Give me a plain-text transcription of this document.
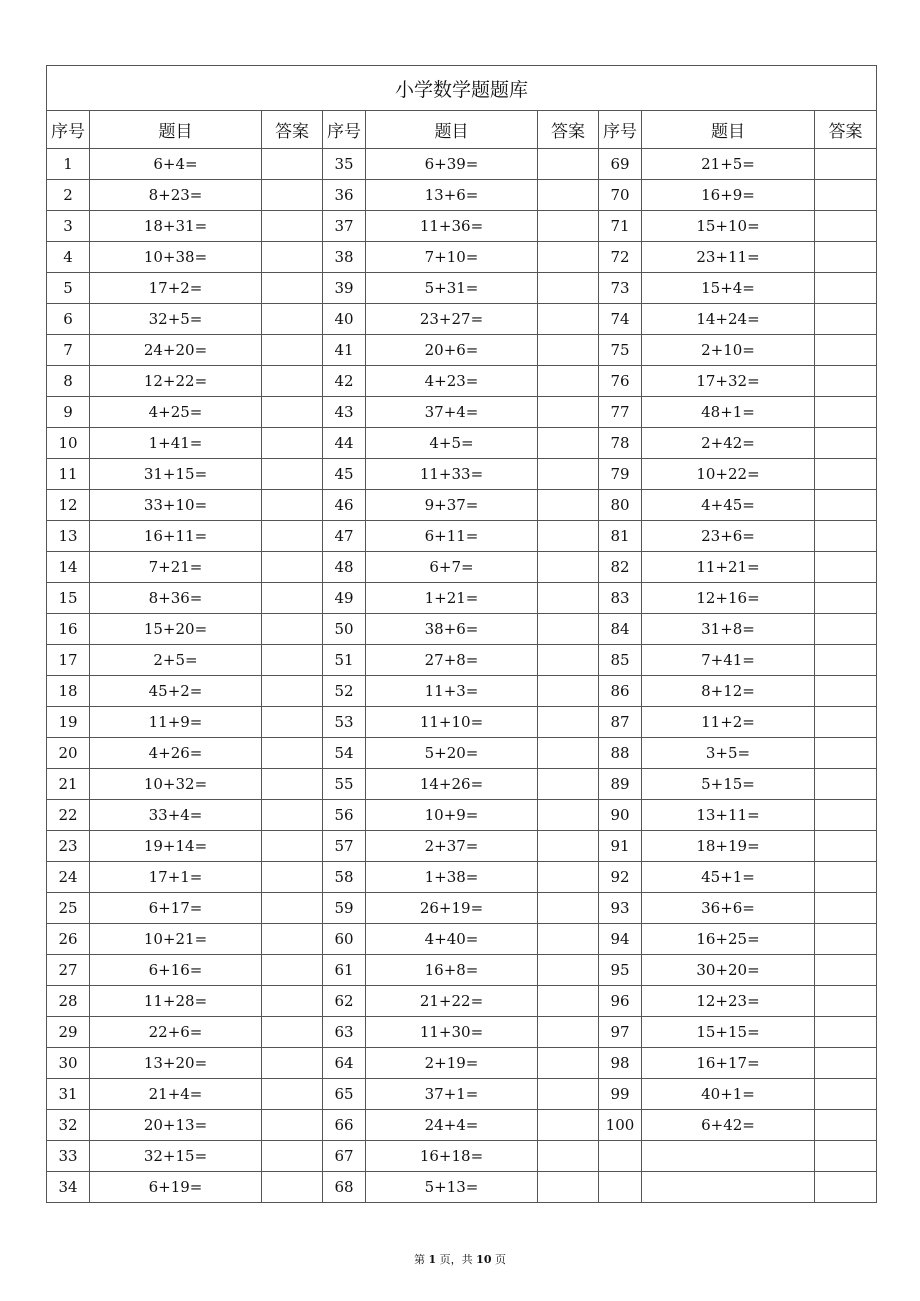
小学数学题题库								
序号	题目	答案	序号	题目	答案	序号	题目	答案
1	6+4=		35	6+39=		69	21+5=	
2	8+23=		36	13+6=		70	16+9=	
3	18+31=		37	11+36=		71	15+10=	
4	10+38=		38	7+10=		72	23+11=	
5	17+2=		39	5+31=		73	15+4=	
6	32+5=		40	23+27=		74	14+24=	
7	24+20=		41	20+6=		75	2+10=	
8	12+22=		42	4+23=		76	17+32=	
9	4+25=		43	37+4=		77	48+1=	
10	1+41=		44	4+5=		78	2+42=	
11	31+15=		45	11+33=		79	10+22=	
12	33+10=		46	9+37=		80	4+45=	
13	16+11=		47	6+11=		81	23+6=	
14	7+21=		48	6+7=		82	11+21=	
15	8+36=		49	1+21=		83	12+16=	
16	15+20=		50	38+6=		84	31+8=	
17	2+5=		51	27+8=		85	7+41=	
18	45+2=		52	11+3=		86	8+12=	
19	11+9=		53	11+10=		87	11+2=	
20	4+26=		54	5+20=		88	3+5=	
21	10+32=		55	14+26=		89	5+15=	
22	33+4=		56	10+9=		90	13+11=	
23	19+14=		57	2+37=		91	18+19=	
24	17+1=		58	1+38=		92	45+1=	
25	6+17=		59	26+19=		93	36+6=	
26	10+21=		60	4+40=		94	16+25=	
27	6+16=		61	16+8=		95	30+20=	
28	11+28=		62	21+22=		96	12+23=	
29	22+6=		63	11+30=		97	15+15=	
30	13+20=		64	2+19=		98	16+17=	
31	21+4=		65	37+1=		99	40+1=	
32	20+13=		66	24+4=		100	6+42=	
33	32+15=		67	16+18=				
34	6+19=		68	5+13=				
第 1 页，共 10 页
